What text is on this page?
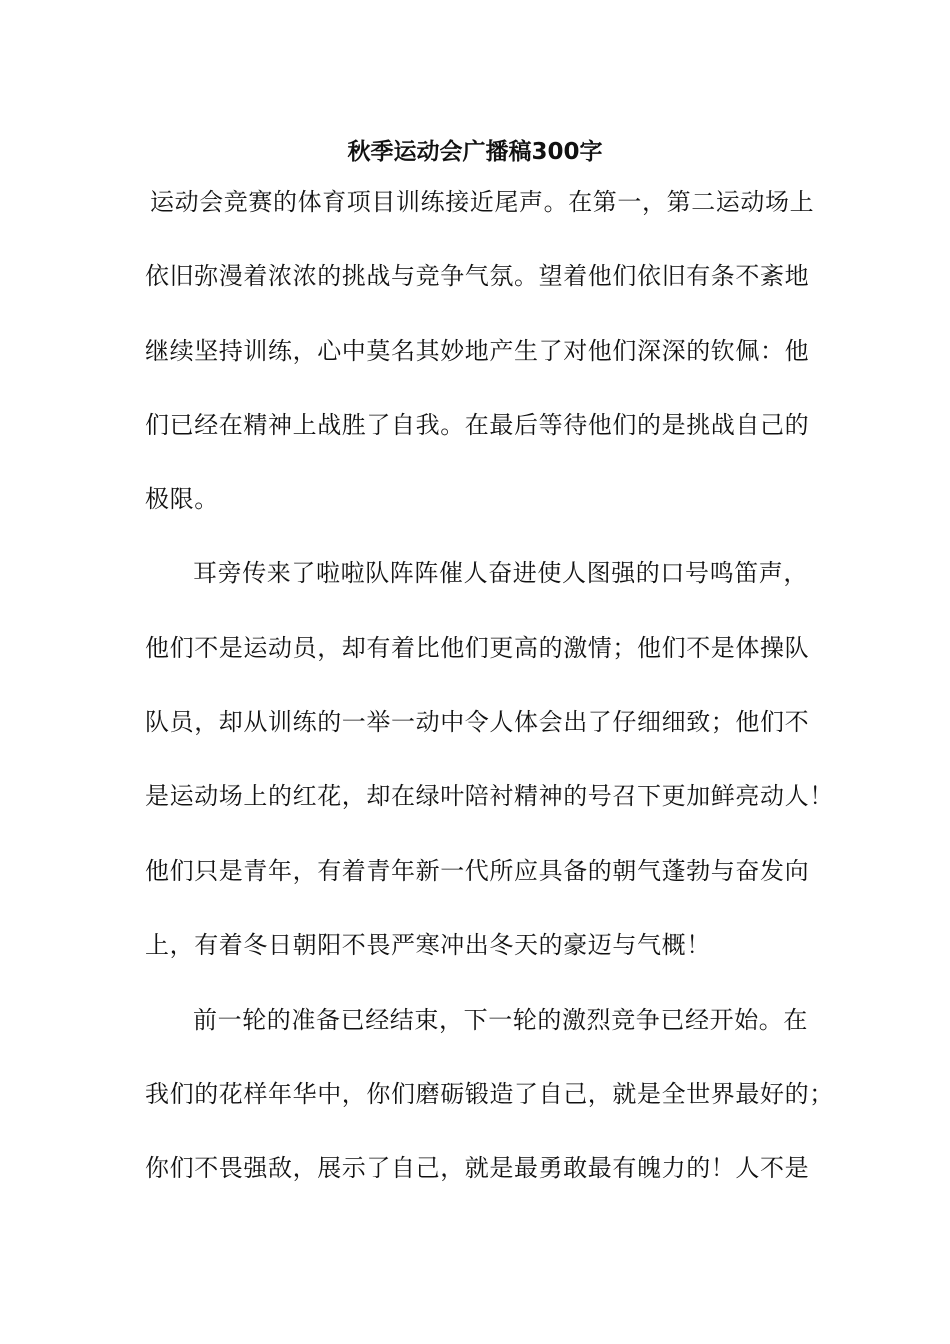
秋季运动会广播稿300字
运动会竞赛的体育项目训练接近尾声。在第一，第二运动场上
依旧弥漫着浓浓的挑战与竞争气氛。望着他们依旧有条不紊地
继续坚持训练，心中莫名其妙地产生了对他们深深的钦佩：他
们已经在精神上战胜了自我。在最后等待他们的是挑战自己的
极限。
耳旁传来了啦啦队阵阵催人奋进使人图强的口号鸣笛声，
他们不是运动员，却有着比他们更高的激情；他们不是体操队
队员，却从训练的一举一动中令人体会出了仔细细致；他们不
是运动场上的红花，却在绿叶陪衬精神的号召下更加鲜亮动人！
他们只是青年，有着青年新一代所应具备的朝气蓬勃与奋发向
上，有着冬日朝阳不畏严寒冲出冬天的豪迈与气概！
前一轮的准备已经结束，下一轮的激烈竞争已经开始。在
我们的花样年华中，你们磨砺锻造了自己，就是全世界最好的；
你们不畏强敌，展示了自己，就是最勇敢最有魄力的！人不是
